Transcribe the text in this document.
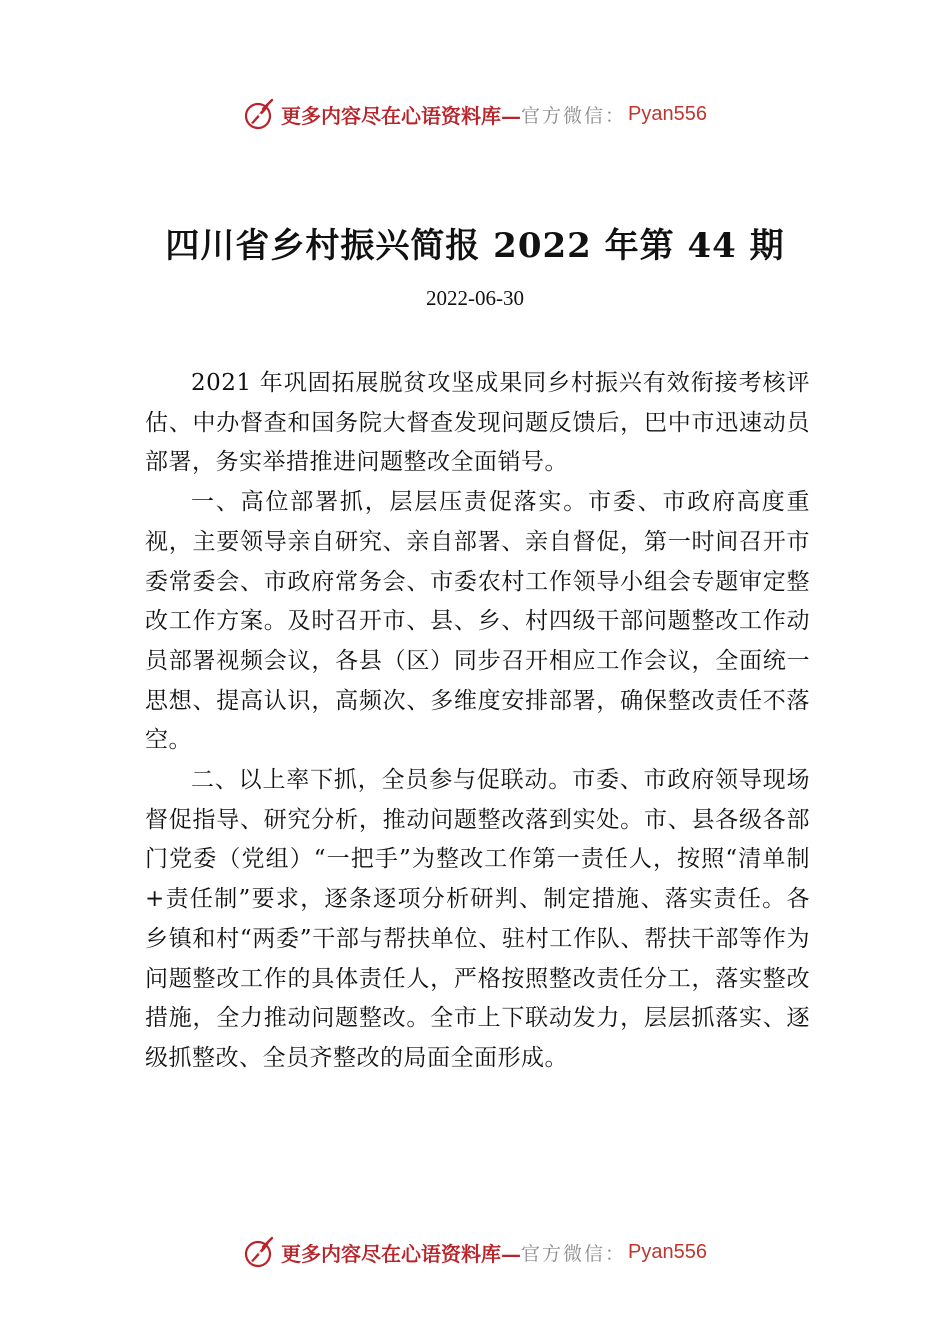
更多内容尽在心语资料库— 官方微信： Pyan556
四川省乡村振兴简报 2022 年第 44 期
2022-06-30

2021 年巩固拓展脱贫攻坚成果同乡村振兴有效衔接考核评估、中办督查和国务院大督查发现问题反馈后，巴中市迅速动员部署，务实举措推进问题整改全面销号。

一、高位部署抓，层层压责促落实。市委、市政府高度重视，主要领导亲自研究、亲自部署、亲自督促，第一时间召开市委常委会、市政府常务会、市委农村工作领导小组会专题审定整改工作方案。及时召开市、县、乡、村四级干部问题整改工作动员部署视频会议，各县（区）同步召开相应工作会议，全面统一思想、提高认识，高频次、多维度安排部署，确保整改责任不落空。

二、以上率下抓，全员参与促联动。市委、市政府领导现场督促指导、研究分析，推动问题整改落到实处。市、县各级各部门党委（党组）“一把手”为整改工作第一责任人，按照“清单制+责任制”要求，逐条逐项分析研判、制定措施、落实责任。各乡镇和村“两委”干部与帮扶单位、驻村工作队、帮扶干部等作为问题整改工作的具体责任人，严格按照整改责任分工，落实整改措施，全力推动问题整改。全市上下联动发力，层层抓落实、逐级抓整改、全员齐整改的局面全面形成。

更多内容尽在心语资料库— 官方微信： Pyan556
